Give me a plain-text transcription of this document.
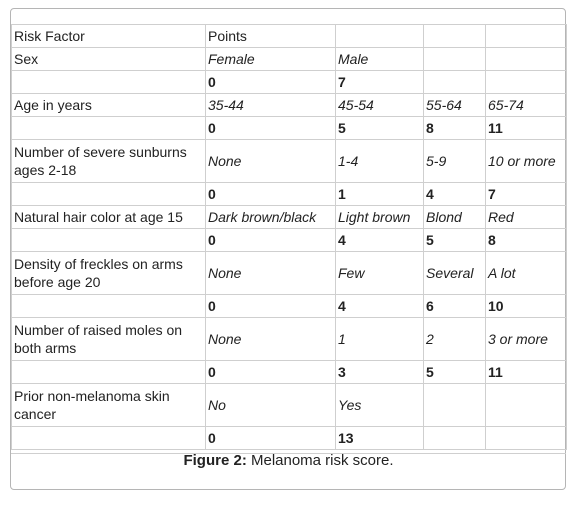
Risk Factor	Points			
Sex	Female	Male		
	0	7		
Age in years	35-44	45-54	55-64	65-74
	0	5	8	11
Number of severe sunburns ages 2-18	None	1-4	5-9	10 or more
	0	1	4	7
Natural hair color at age 15	Dark brown/black	Light brown	Blond	Red
	0	4	5	8
Density of freckles on arms before age 20	None	Few	Several	A lot
	0	4	6	10
Number of raised moles on both arms	None	1	2	3 or more
	0	3	5	11
Prior non-melanoma skin cancer	No	Yes		
	0	13		
Figure 2: Melanoma risk score.
